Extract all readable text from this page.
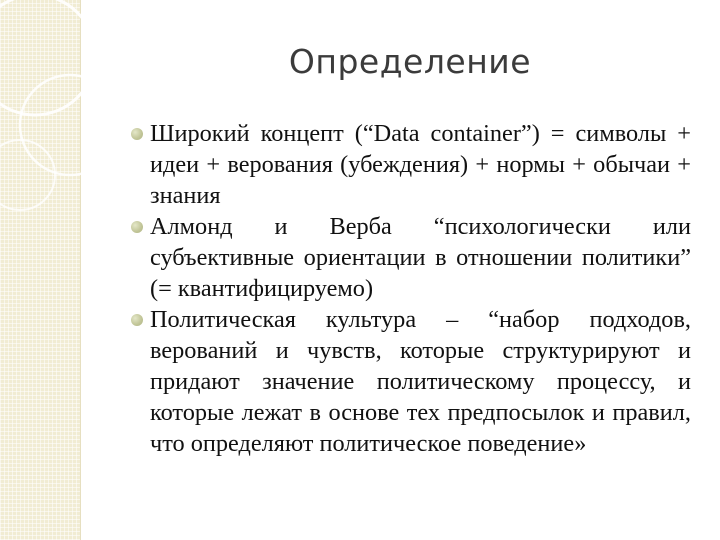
Определение
Широкий концепт (“Data container”) = символы + идеи + верования (убеждения) + нормы + обычаи + знания
Алмонд и Верба “психологически или субъективные ориентации в отношении политики” (= квантифицируемо)
Политическая культура – “набор подходов, верований и чувств, которые структурируют и придают значение политическому процессу, и которые лежат в основе тех предпосылок и правил, что определяют политическое поведение»
